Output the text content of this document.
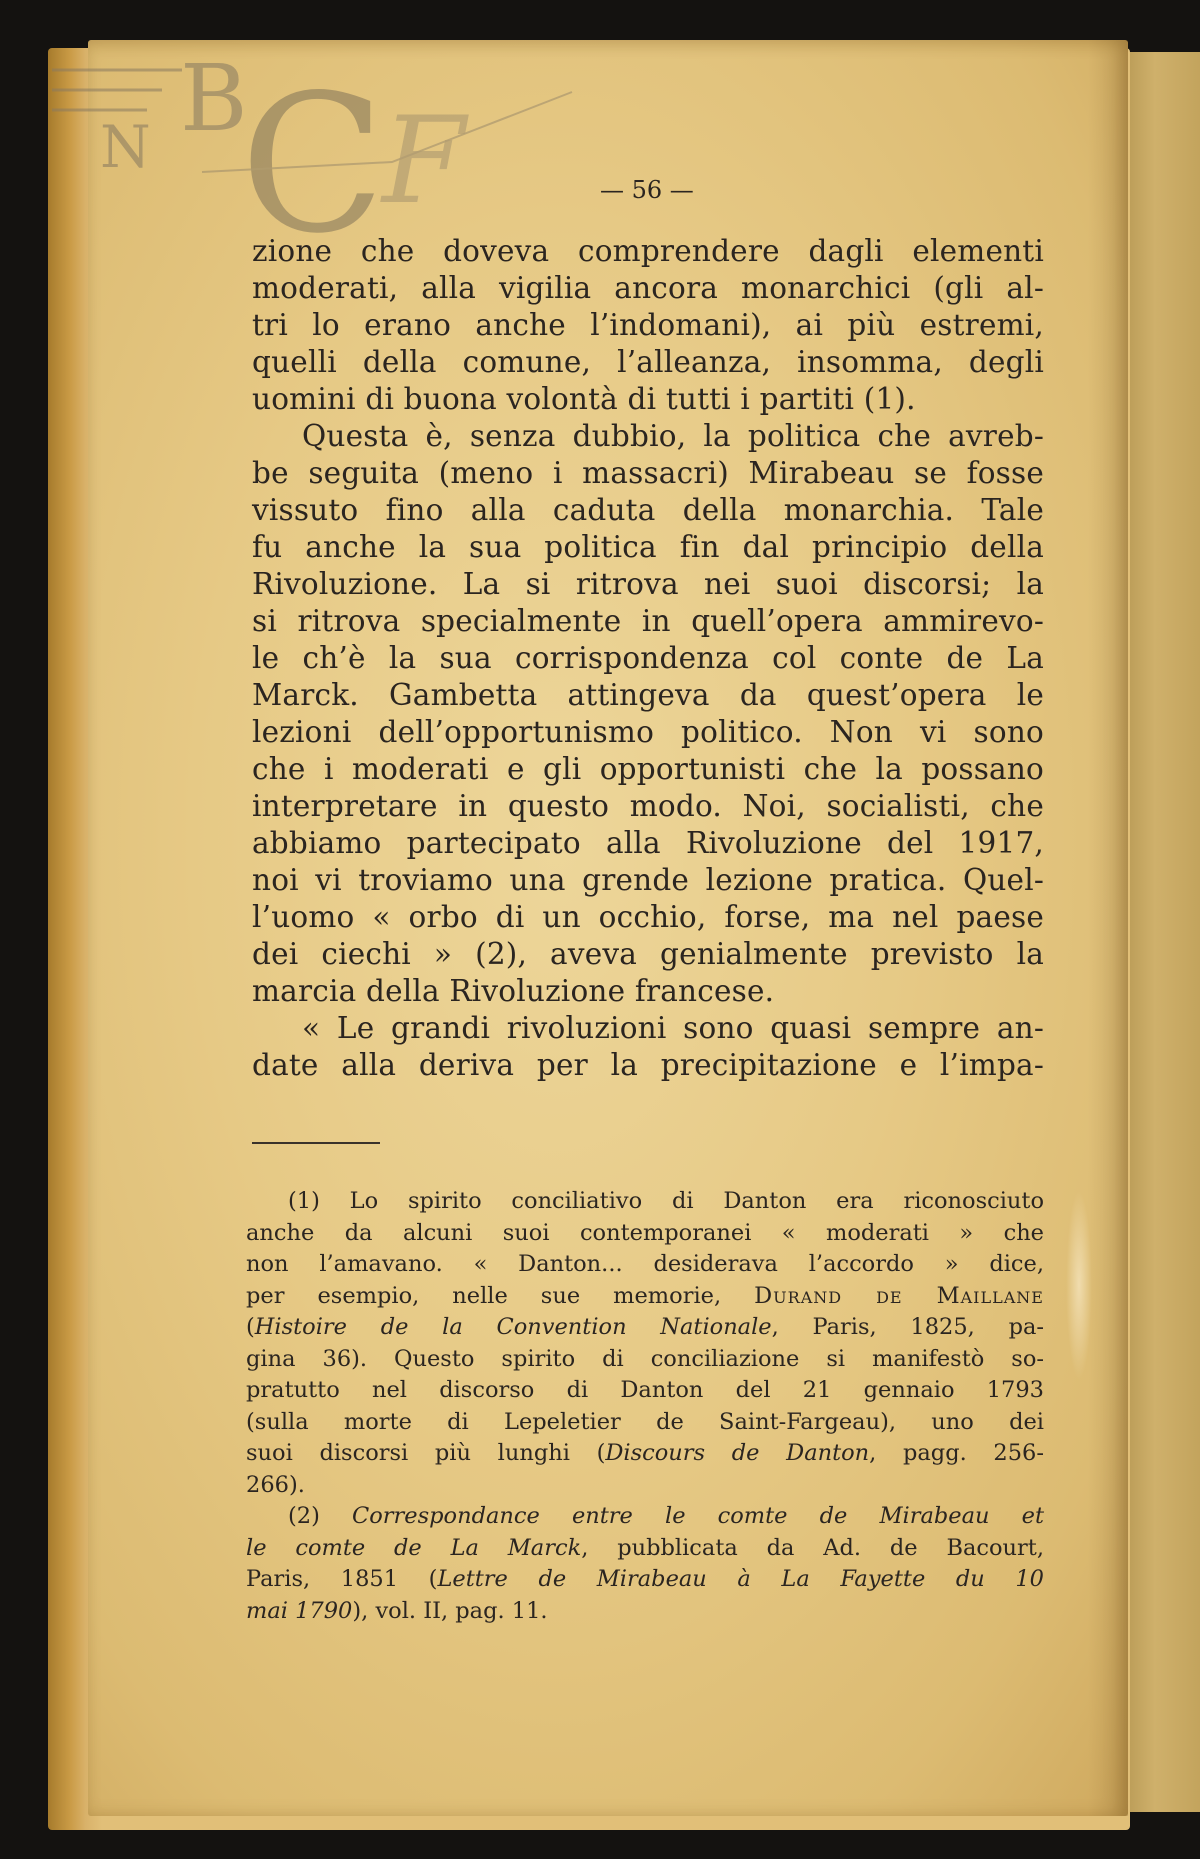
B
N C
F	— 56 —
zione che doveva comprendere dagli elementi
moderati, alla vigilia ancora monarchici (gli al-
tri lo erano anche l’indomani), ai più estremi,
quelli della comune, l’alleanza, insomma, degli
uomini di buona volontà di tutti i partiti (1).
Questa è, senza dubbio, la politica che avreb-
be seguita (meno i massacri) Mirabeau se fosse
vissuto fino alla caduta della monarchia. Tale
fu anche la sua politica fin dal principio della
Rivoluzione. La si ritrova nei suoi discorsi; la
si ritrova specialmente in quell’opera ammirevo-
le ch’è la sua corrispondenza col conte de La
Marck. Gambetta attingeva da quest’opera le
lezioni dell’opportunismo politico. Non vi sono
che i moderati e gli opportunisti che la possano
interpretare in questo modo. Noi, socialisti, che
abbiamo partecipato alla Rivoluzione del 1917,
noi vi troviamo una grende lezione pratica. Quel-
l’uomo « orbo di un occhio, forse, ma nel paese
dei ciechi » (2), aveva genialmente previsto la
marcia della Rivoluzione francese.
« Le grandi rivoluzioni sono quasi sempre an-
date alla deriva per la precipitazione e l’impa-
(1) Lo spirito conciliativo di Danton era riconosciuto
anche da alcuni suoi contemporanei « moderati » che
non l’amavano. « Danton... desiderava l’accordo » dice,
per esempio, nelle sue memorie, Durand de Maillane
(Histoire de la Convention Nationale, Paris, 1825, pa-
gina 36). Questo spirito di conciliazione si manifestò so-
pratutto nel discorso di Danton del 21 gennaio 1793
(sulla morte di Lepeletier de Saint-Fargeau), uno dei
suoi discorsi più lunghi (Discours de Danton, pagg. 256-
266).
(2) Correspondance entre le comte de Mirabeau et
le comte de La Marck, pubblicata da Ad. de Bacourt,
Paris, 1851 (Lettre de Mirabeau à La Fayette du 10
mai 1790), vol. II, pag. 11.
